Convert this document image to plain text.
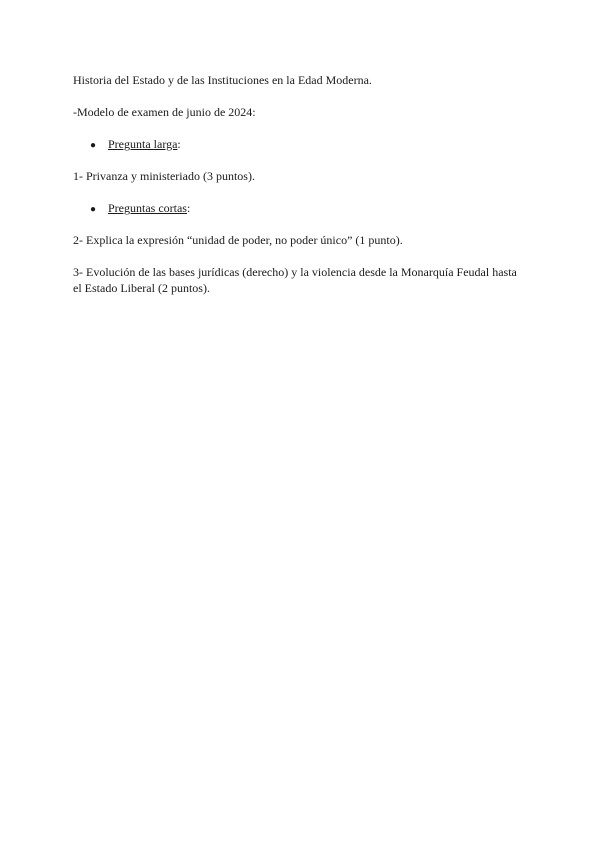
Historia del Estado y de las Instituciones en la Edad Moderna.
-Modelo de examen de junio de 2024:
● Pregunta larga:
1- Privanza y ministeriado (3 puntos).
● Preguntas cortas:
2- Explica la expresión “unidad de poder, no poder único” (1 punto).
3- Evolución de las bases jurídicas (derecho) y la violencia desde la Monarquía Feudal hasta
el Estado Liberal (2 puntos).
